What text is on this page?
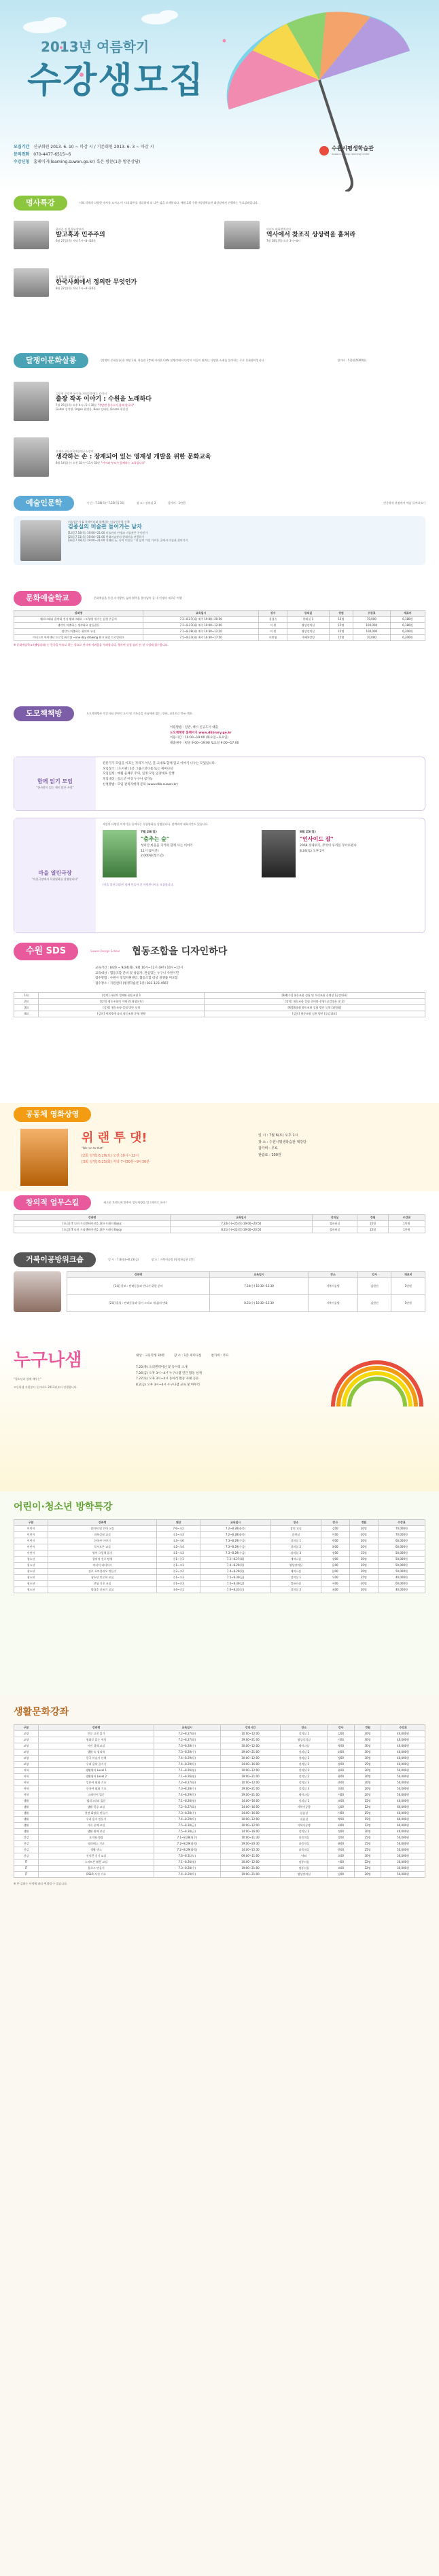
2013년 여름학기
수강생모집
모집기간 신규회원 2013. 6. 10 ~ 마감 시 / 기존회원 2013. 6. 3 ~ 마감 시
문의전화 070-4477-6515~6
수강신청 홈페이지(learning.suwon.go.kr) 혹은 방문(1층 방문상담)
수원시평생학습관
Suwon Lifelong Learning Center
명사특강	사회 각계의 다양한 명사를 모시고 이 시대 화두를 생각하며 더 나은 삶을 모색합니다. 매월 1회 수원시평생학습관 대강당에서 진행하는 무료강좌입니다.
윤여준 전 환경부장관의
발고혹과 민주주의
6월 27일(목) 저녁 7시~8시30분
이이도 외화번역가의
역사에서 찾조직 상상력을 훔쳐라
7월 18일(목) 오후 3시~4시
표창원 前 경찰대 교수의
한국사회에서 정의란 무엇인가
8월 22일(목) 저녁 7시~8시30분
달쟁이문화살롱	(달쟁이 문화살롱)은 매달 1회, 학습관 1층에 자리한 Cafe 달쟁이에서 다각의 이들이 펼치는 다양한 소재를 풀어내는 무료 문화행사입니다.	참가비 : 5천원(5000원)
김동현 주말변 통주 & 자원순환에드 라이터
출장 작곡 이야기 : 수원을 노래하다
7월 25일(목) 오후 4시~5시 30분 "주말엔 블루스가 함께 합니다"
Guitar 김석병, Organ 윤병종, Bass 김태현, Drums 위한성
손재수 초등교육예술연구소장의
생각하는 손 : 장재되어 있는 영재성 개발을 위한 문화교육
8월 14일(수) 오전 10시~11시 50분 "아이와 부모가 함께하는 교육입니다"
예술인문학	기 간 : 7.18(목)~7.25(목) 3회	장 소 : 강의실 3	참가비 : 1만원	인문학적 관점에서 예술 들여다보기
미술평론가 & 큐레이터와 함께하는 미술인문학 산책
김종실의 미술관 들어가는 남자
[1회] 7.18(목) 19:00~21:00 미술관의 탄생과 미술관은 무엇인가
[2회] 7.11(목) 19:00~21:00 현대미술관의 현대미술 관람하기
[3회] 7.18(목) 19:00~21:00 거래된 돈, 나의 미술은 : 내 삶의 가장 가까운 곳에서 미술관 찾아가기
문화예술학교	문화예술을 통한 자기발견, 삶의 활력을 불어넣어 줄 내 인생의 새로운 여행
강좌명	교육일시	강사	강의실	정원	수강료	재료비
웰리그래피 음악화 전자 웰리그래피 ~도형에 세기는 감성 손글씨	7.2~8.27(화) 매주 19:00~20:50	용경숙	야외실 1	15명	70,000	6,180원
생각이 미출하는 생각화요 잠들잖은	7.2~8.27(화) 매주 10:00~12:00	이 원	영상강의실	15명	100,000	6,180원
생각이 미출하는 화의보 교실	7.2~8.28(화) 매주 10:30~12:20	이 원	영상강의실	15명	100,000	6,200원
아티스트 아이덴티 드로잉 워크샵 ~one day drawing 워크 화일 드로잉워크	7.5~8.23(화) 매주 16:30~17:50	이민영	가베야강당	15명	70,000	6,200원
※ 문화예술학교 (웰빙강좌) 는 한국을 이유로 하는 강요로 전시에 어려움을 우려합니다. 행사여 신청 강의 전 첫 수업에 접수합니다.
도모책책방	도모책책방은 인문사회 분야의 도서 및 기록물을 손님에게 없는, 한편, 교육으로 만든 책은
이용방법 : 일반, 책시 신규도서 대출
도모책책방 홈페이지 www.dlibrary.go.kr
이용시간 : 10:00~19:00 (화요일~토요일)
대출권수 : 평일 9:00~19:00 토요일 9:00~17:00
함께 읽기 모임
"한사람이 읽는 책이 많은 사람"
전문가가 모임을 이끄는 자리가 아닌, 뭇 고대로 함께 읽고 이야기 나누는 모임입니다.
모임장소 : (도서관) 2층 그룹스터디룸 또는 세미나실
모임일정 : 매월 둘째주 주의, 일정 모임 일정대로 진행
모임대상 : 청소년 이상 누구나 참가능
신청방법 : 모임 관리자에게 문의 (www.dlib.suwon.kr)
마을 열린극장
"마을극장에서 독립영화를 상영합니다"
세상의 다양한 이야기를 들여다는 독립영화를 상영합니다. 관객과의 대화시간도 있습니다.
7월 28(일)
"춤추는 숲"
성미산 마을을 지키며 함께 사는 이야기
11시 (2시간)
2,000원(청소년)
8월 25(일)
"인사이드 잡"
2008 경제위기, 무엇이 우리를 무너뜨렸나
8.24(토) 오후 2시
(마을 열린극장)은 함께 만들어 갈 자원봉사자를 모집합니다.
수원 SDS	Suwon Design School 협동조합을 디자인하다
교육기간 : 8/20 ~ 9/24(화), 9회 10시~12시 (9주) 10시~12시
교육대상 : 협동조합 준비 및 창업자, 관심있는 누구나 수원시민
접수방법 : 수원시 창업지원센터, 협동조합 대상 경쟁률 미포함
접수장소 : 지원센터 (평생학습관 1층) 031-123-4567
1회	[강의] 사회적 경제와 협동조합 1	[9/4(수)] 협동조합 설립 및 우리조합 운영상 [공감대표]
2회	[강의] 협동조합의 이해 2 [평생교육]	[강의] 협동조합 설립 준비와 운영 [공감대표 및 2]
3회	[강의] 협동조합 설립 방안 모색	[9/10(화)] 협동조합 설립 방안 모색 [위원회]
4회	[강의] 세계 9개 나라 협동조합 운영 현황	[강의] 협동조합 실천 방안 [공감대표]
공동체 영화상영
위 랜 투 댓!
"We ran to that"
[2회 상영] 6.29(토) 오전 10시~12시
[3회 상영] 6.25(화) 저녁 7시30분~9시30분
일 시 : 7월 6(토) 오후 1시
장 소 : 수원시평생학습관 대강당
참가비 : 무료
관람료 : 100원
창의적 업무스킬	세로운 트렌드에 맞추어 업무역량을 업그레이드 하자!
강좌명	교육일시	강의실	정원	수강료
[초급] IT 나의 프리젠테이션을 위한 프레지 Basic	7.24(수)~25(목) 19:00~20:50	컴퓨터실	22명	1만원
[초급] IT 나의 프리젠테이션을 위한 프레지 Enjoy	8.21(수)~22(목) 19:00~20:50	컴퓨터실	22명	1만원
거북이공방워크숍	일 시 : 7.8(월)~8.23(금)	장 소 : 거북이공방 (평생학습관 2층)
강좌명	교육일시	장소	강사	재료비
[1회] 한보 : 반려동물과 만나기 위한 준비	7.10(수) 10:30~12:30	거북이공방	김현진	1만원
[2회] 몰입 : 반려동물과 살기 그리고 내 삶의 변화	8.21(수) 10:30~12:30	거북이공방	김현진	1만원
누구나샘
"청소년과 함께 배우는"
고등학생 자원봉사 동아리로 2013년부터 진행합니다.
대상 : 고등학생 30명	장 소 : 1층 세미나실	참가비 : 무료
7.25(목) 오리엔테이션 및 동아리 소개
7.26(금) 오후 3시~4시 누구나샘 연간 활동 설계
7.27(토) 오후 3시~4시 동아리 활동 사례 공유
8.2(금) 오후 3시~4시 누구나샘 교육 및 마무리
어린이·청소년 방학특강
구분	강좌명	대상	교육일시	장소	강사	정원	수강료
어린이	창의력 및 언어 교실	7세~초2	7.2~8.28(화목)	창의 교실	김00	20명	70,000원
어린이	과학실험 교실	초1~초3	7.2~8.28(화목)	과학실	이00	20명	70,000원
어린이	한국사 이야기	초3~초6	7.3~8.29(수금)	강의실 1	박00	20명	60,000원
어린이	독서토론 교실	초2~초4	7.3~8.29(수금)	강의실 2	최00	20명	60,000원
어린이	영어 그림책 읽기	초1~초3	7.3~8.29(수금)	강의실 3	정00	15명	50,000원
청소년	창의적 진로 탐색	중1~중3	7.2~8.27(화)	세미나실	강00	20명	50,000원
청소년	미디어 리터러시	중1~고1	7.4~8.29(목)	영상강의실	윤00	20명	50,000원
청소년	진로 포트폴리오 만들기	중2~고2	7.4~8.29(목)	세미나실	한00	20명	50,000원
청소년	청소년 인문학 교실	중1~고3	7.5~8.30(금)	강의실 1	오00	25명	40,000원
청소년	코딩 기초 교실	중1~중3	7.5~8.30(금)	컴퓨터실	서00	20명	60,000원
청소년	방과후 글쓰기 교실	초4~중1	7.6~8.31(토)	강의실 2	조00	20명	40,000원
생활문화강좌
구분	강좌명	교육일시	강의시간	장소	강사	정원	수강료
교양	인문 고전 읽기	7.2~8.27(화)	10:00~12:00	강의실 1	김00	30명	40,000원
교양	영화로 읽는 세상	7.2~8.27(화)	19:00~21:00	영상강의실	이00	30명	40,000원
교양	시민 경제 교실	7.3~8.28(수)	10:00~12:00	세미나실	박00	30명	40,000원
교양	생활 속 심리학	7.3~8.28(수)	19:00~21:00	강의실 2	최00	30명	40,000원
교양	한국 미술사 산책	7.4~8.29(목)	10:00~12:00	강의실 3	정00	30명	40,000원
교양	우리 음악 즐기기	7.4~8.29(목)	14:00~16:00	강의실 1	강00	25명	40,000원
어학	생활영어 Level 1	7.1~8.26(월)	10:00~12:00	강의실 2	윤00	20명	50,000원
어학	생활영어 Level 2	7.1~8.26(월)	19:00~21:00	강의실 2	윤00	20명	50,000원
어학	일본어 회화 기초	7.2~8.27(화)	10:00~12:00	강의실 3	한00	20명	50,000원
어학	중국어 회화 기초	7.3~8.28(수)	19:00~21:00	강의실 3	오00	20명	50,000원
어학	스페인어 입문	7.4~8.29(목)	19:00~21:00	세미나실	서00	20명	50,000원
생활	캘리그라피 입문	7.1~8.26(월)	14:00~16:00	강의실 1	조00	15명	40,000원
생활	생활 목공 교실	7.2~8.27(화)	14:00~16:00	거북이공방	김00	12명	60,000원
생활	천연 화장품 만들기	7.3~8.28(수)	14:00~16:00	실습실	이00	15명	40,000원
생활	우리 음식 만들기	7.4~8.29(목)	10:00~12:00	실습실	박00	15명	60,000원
생활	가죽 공예 교실	7.5~8.30(금)	10:00~12:00	거북이공방	최00	12명	60,000원
생활	생활 원예 교실	7.5~8.30(금)	14:00~16:00	강의실 2	정00	20명	40,000원
건강	요가와 명상	7.1~8.28(월수)	10:00~11:30	다목적실	강00	25명	50,000원
건강	필라테스 기초	7.2~8.29(화목)	19:00~20:30	다목적실	윤00	25명	50,000원
건강	생활 댄스	7.2~8.29(화목)	14:00~15:30	다목적실	한00	25명	50,000원
건강	건강한 걷기 교실	7.6~8.31(토)	09:00~11:00	야외	오00	30명	30,000원
IT	스마트폰 활용 교실	7.1~8.26(월)	10:00~12:00	컴퓨터실	서00	22명	30,000원
IT	블로그 만들기	7.3~8.28(수)	19:00~21:00	컴퓨터실	조00	22명	30,000원
IT	DSLR 사진 기초	7.4~8.29(목)	19:00~21:00	영상강의실	김00	20명	50,000원
※ 본 강좌는 사정에 따라 변경될 수 있습니다.
